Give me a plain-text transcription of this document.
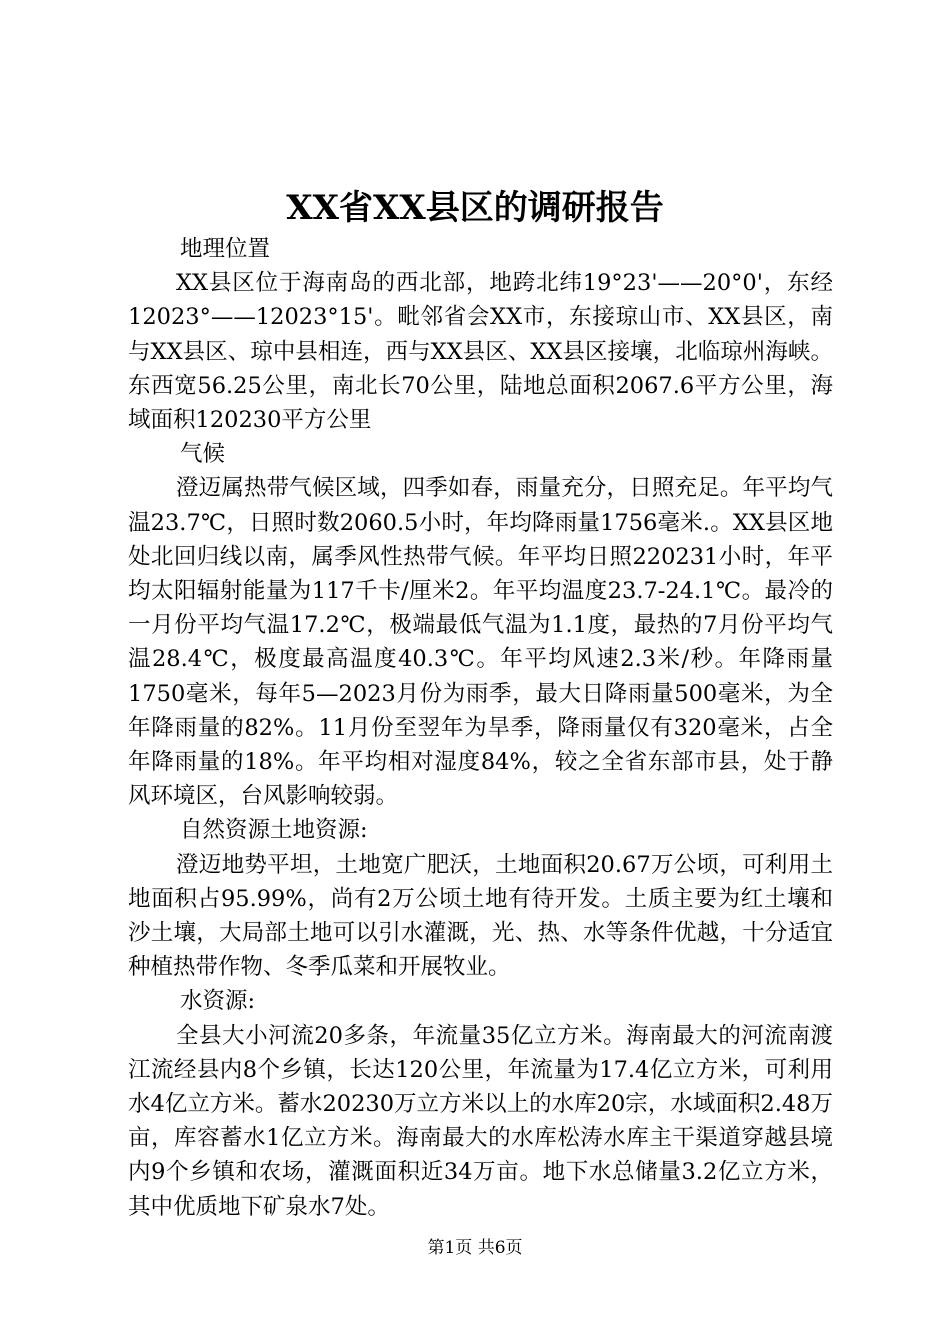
XX省XX县区的调研报告

地理位置

XX县区位于海南岛的西北部，地跨北纬19°23'——20°0'，东经12023°——12023°15'。毗邻省会XX市，东接琼山市、XX县区，南与XX县区、琼中县相连，西与XX县区、XX县区接壤，北临琼州海峡。东西宽56.25公里，南北长70公里，陆地总面积2067.6平方公里，海域面积120230平方公里

气候

澄迈属热带气候区域，四季如春，雨量充分，日照充足。年平均气温23.7℃，日照时数2060.5小时，年均降雨量1756毫米.。XX县区地处北回归线以南，属季风性热带气候。年平均日照220231小时，年平均太阳辐射能量为117千卡/厘米2。年平均温度23.7-24.1℃。最冷的一月份平均气温17.2℃，极端最低气温为1.1度，最热的7月份平均气温28.4℃，极度最高温度40.3℃。年平均风速2.3米/秒。年降雨量1750毫米，每年5—2023月份为雨季，最大日降雨量500毫米，为全年降雨量的82%。11月份至翌年为旱季，降雨量仅有320毫米，占全年降雨量的18%。年平均相对湿度84%，较之全省东部市县，处于静风环境区，台风影响较弱。

自然资源土地资源:

澄迈地势平坦，土地宽广肥沃，土地面积20.67万公顷，可利用土地面积占95.99%，尚有2万公顷土地有待开发。土质主要为红土壤和沙土壤，大局部土地可以引水灌溉，光、热、水等条件优越，十分适宜种植热带作物、冬季瓜菜和开展牧业。

水资源:

全县大小河流20多条，年流量35亿立方米。海南最大的河流南渡江流经县内8个乡镇，长达120公里，年流量为17.4亿立方米，可利用水4亿立方米。蓄水20230万立方米以上的水库20宗，水域面积2.48万亩，库容蓄水1亿立方米。海南最大的水库松涛水库主干渠道穿越县境内9个乡镇和农场，灌溉面积近34万亩。地下水总储量3.2亿立方米，其中优质地下矿泉水7处。

第1页 共6页
